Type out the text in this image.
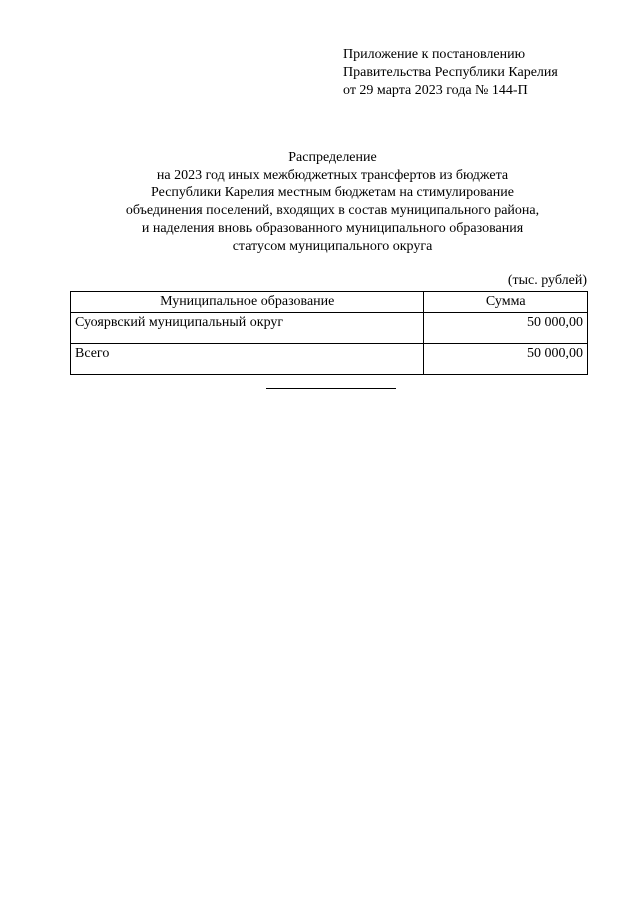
Приложение к постановлению
Правительства Республики Карелия
от 29 марта 2023 года № 144-П
Распределение
на 2023 год иных межбюджетных трансфертов из бюджета
Республики Карелия местным бюджетам на стимулирование
объединения поселений, входящих в состав муниципального района,
и наделения вновь образованного муниципального образования
статусом муниципального округа
(тыс. рублей)
Муниципальное образование	Сумма
Суоярвский муниципальный округ	50 000,00
Всего	50 000,00
